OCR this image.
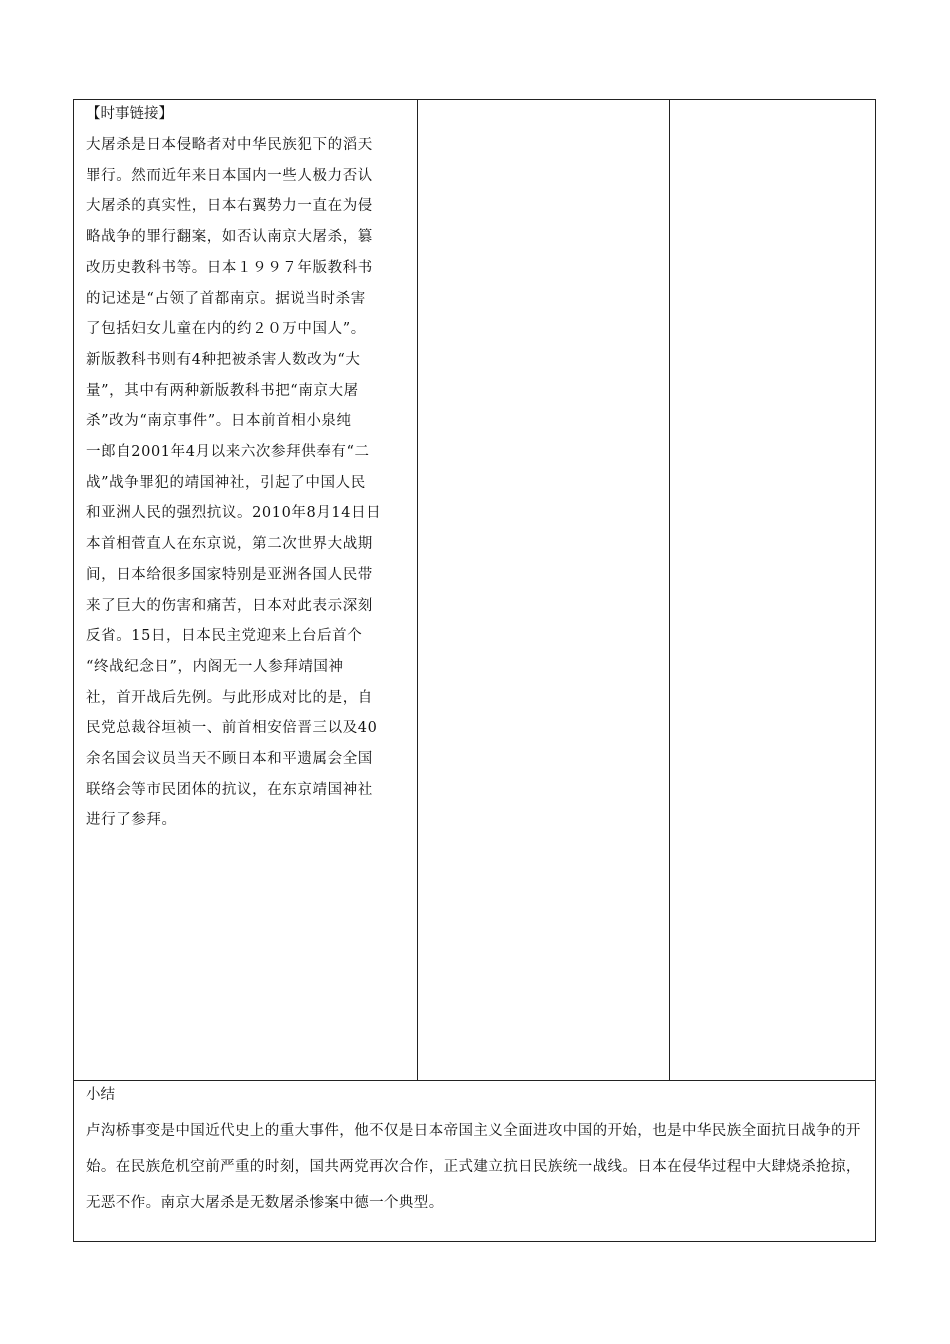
【时事链接】

大屠杀是日本侵略者对中华民族犯下的滔天

罪行。然而近年来日本国内一些人极力否认

大屠杀的真实性，日本右翼势力一直在为侵

略战争的罪行翻案，如否认南京大屠杀，篡

改历史教科书等。日本１９９７年版教科书

的记述是“占领了首都南京。据说当时杀害

了包括妇女儿童在内的约２０万中国人”。

新版教科书则有4种把被杀害人数改为“大

量”，其中有两种新版教科书把“南京大屠

杀”改为“南京事件”。日本前首相小泉纯

一郎自2001年4月以来六次参拜供奉有“二

战”战争罪犯的靖国神社，引起了中国人民

和亚洲人民的强烈抗议。2010年8月14日日

本首相菅直人在东京说，第二次世界大战期

间，日本给很多国家特别是亚洲各国人民带

来了巨大的伤害和痛苦，日本对此表示深刻

反省。15日，日本民主党迎来上台后首个

“终战纪念日”，内阁无一人参拜靖国神

社，首开战后先例。与此形成对比的是，自

民党总裁谷垣祯一、前首相安倍晋三以及40

余名国会议员当天不顾日本和平遗属会全国

联络会等市民团体的抗议，在东京靖国神社

进行了参拜。

小结

卢沟桥事变是中国近代史上的重大事件，他不仅是日本帝国主义全面进攻中国的开始，也是中华民族全面抗日战争的开始。在民族危机空前严重的时刻，国共两党再次合作，正式建立抗日民族统一战线。日本在侵华过程中大肆烧杀抢掠，无恶不作。南京大屠杀是无数屠杀惨案中德一个典型。
